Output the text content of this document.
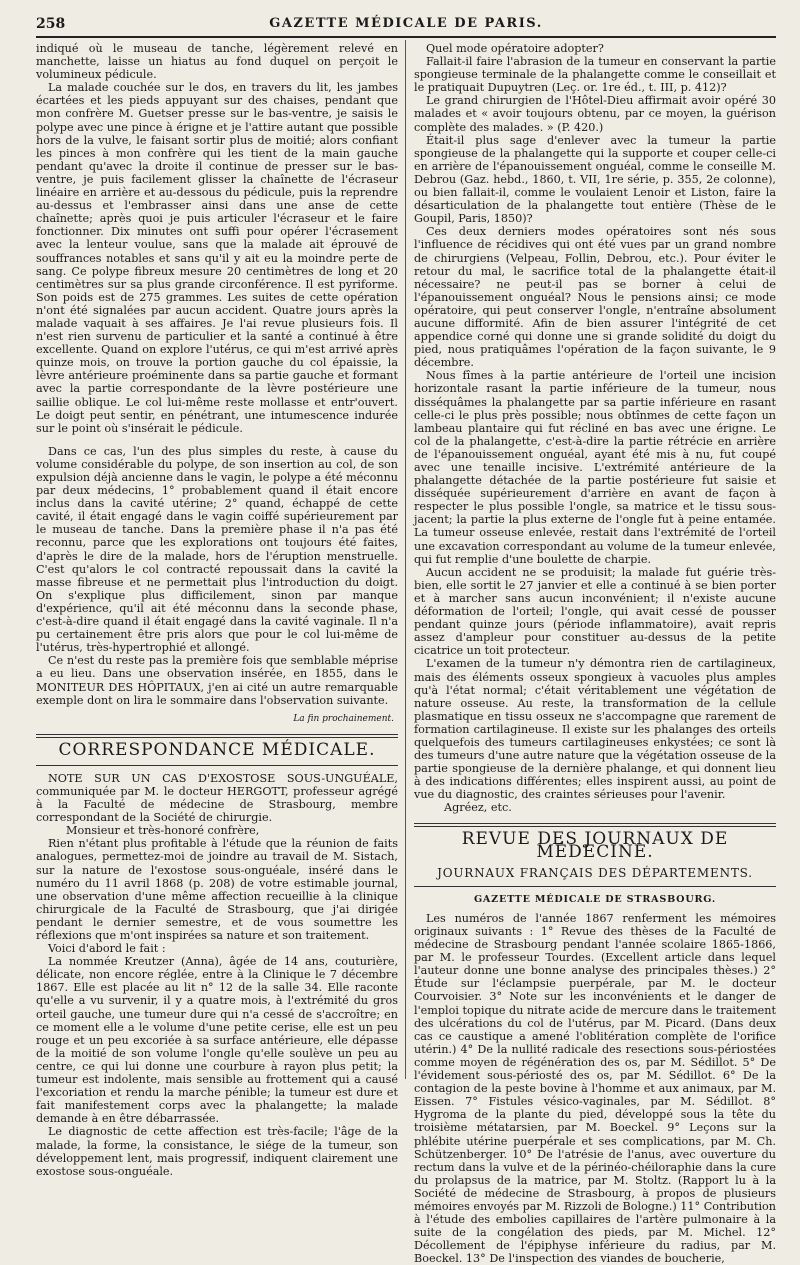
258	GAZETTE MÉDICALE DE PARIS.

indiqué où le museau de tanche, légèrement relevé en manchette, laisse un hiatus au fond duquel on perçoit le volumineux pédicule.

La malade couchée sur le dos, en travers du lit, les jambes écartées et les pieds appuyant sur des chaises, pendant que mon confrère M. Guetser presse sur le bas-ventre, je saisis le polype avec une pince à érigne et je l'attire autant que possible hors de la vulve, le faisant sortir plus de moitié; alors confiant les pinces à mon confrère qui les tient de la main gauche pendant qu'avec la droite il continue de presser sur le bas-ventre, je puis facilement glisser la chaînette de l'écraseur linéaire en arrière et au-dessous du pédicule, puis la reprendre au-dessus et l'embrasser ainsi dans une anse de cette chaînette; après quoi je puis articuler l'écraseur et le faire fonctionner. Dix minutes ont suffi pour opérer l'écrasement avec la lenteur voulue, sans que la malade ait éprouvé de souffrances notables et sans qu'il y ait eu la moindre perte de sang. Ce polype fibreux mesure 20 centimètres de long et 20 centimètres sur sa plus grande circonférence. Il est pyriforme. Son poids est de 275 grammes. Les suites de cette opération n'ont été signalées par aucun accident. Quatre jours après la malade vaquait à ses affaires. Je l'ai revue plusieurs fois. Il n'est rien survenu de particulier et la santé a continué à être excellente. Quand on explore l'utérus, ce qui m'est arrivé après quinze mois, on trouve la portion gauche du col épaissie, la lèvre antérieure proéminente dans sa partie gauche et formant avec la partie correspondante de la lèvre postérieure une saillie oblique. Le col lui-même reste mollasse et entr'ouvert. Le doigt peut sentir, en pénétrant, une intumescence indurée sur le point où s'insérait le pédicule.

Dans ce cas, l'un des plus simples du reste, à cause du volume considérable du polype, de son insertion au col, de son expulsion déjà ancienne dans le vagin, le polype a été méconnu par deux médecins, 1° probablement quand il était encore inclus dans la cavité utérine; 2° quand, échappé de cette cavité, il était engagé dans le vagin coiffé supérieurement par le museau de tanche. Dans la première phase il n'a pas été reconnu, parce que les explorations ont toujours été faites, d'après le dire de la malade, hors de l'éruption menstruelle. C'est qu'alors le col contracté repoussait dans la cavité la masse fibreuse et ne permettait plus l'introduction du doigt. On s'explique plus difficilement, sinon par manque d'expérience, qu'il ait été méconnu dans la seconde phase, c'est-à-dire quand il était engagé dans la cavité vaginale. Il n'a pu certainement être pris alors que pour le col lui-même de l'utérus, très-hypertrophié et allongé.

Ce n'est du reste pas la première fois que semblable méprise a eu lieu. Dans une observation insérée, en 1855, dans le MONITEUR DES HÔPITAUX, j'en ai cité un autre remarquable exemple dont on lira le sommaire dans l'observation suivante.

La fin prochainement.

CORRESPONDANCE MÉDICALE.

NOTE SUR UN CAS D'EXOSTOSE SOUS-UNGUÉALE, communiquée par M. le docteur HERGOTT, professeur agrégé à la Faculté de médecine de Strasbourg, membre correspondant de la Société de chirurgie.

Monsieur et très-honoré confrère,

Rien n'étant plus profitable à l'étude que la réunion de faits analogues, permettez-moi de joindre au travail de M. Sistach, sur la nature de l'exostose sous-onguéale, inséré dans le numéro du 11 avril 1868 (p. 208) de votre estimable journal, une observation d'une même affection recueillie à la clinique chirurgicale de la Faculté de Strasbourg, que j'ai dirigée pendant le dernier semestre, et de vous soumettre les réflexions que m'ont inspirées sa nature et son traitement.

Voici d'abord le fait :

La nommée Kreutzer (Anna), âgée de 14 ans, couturière, délicate, non encore réglée, entre à la Clinique le 7 décembre 1867. Elle est placée au lit n° 12 de la salle 34. Elle raconte qu'elle a vu survenir, il y a quatre mois, à l'extrémité du gros orteil gauche, une tumeur dure qui n'a cessé de s'accroître; en ce moment elle a le volume d'une petite cerise, elle est un peu rouge et un peu excoriée à sa surface antérieure, elle dépasse de la moitié de son volume l'ongle qu'elle soulève un peu au centre, ce qui lui donne une courbure à rayon plus petit; la tumeur est indolente, mais sensible au frottement qui a causé l'excoriation et rendu la marche pénible; la tumeur est dure et fait manifestement corps avec la phalangette; la malade demande à en être débarrassée.

Le diagnostic de cette affection est très-facile; l'âge de la malade, la forme, la consistance, le siége de la tumeur, son développement lent, mais progressif, indiquent clairement une exostose sous-onguéale.

Quel mode opératoire adopter?

Fallait-il faire l'abrasion de la tumeur en conservant la partie spongieuse terminale de la phalangette comme le conseillait et le pratiquait Dupuytren (Leç. or. 1re éd., t. III, p. 412)?

Le grand chirurgien de l'Hôtel-Dieu affirmait avoir opéré 30 malades et « avoir toujours obtenu, par ce moyen, la guérison complète des malades. » (P. 420.)

Était-il plus sage d'enlever avec la tumeur la partie spongieuse de la phalangette qui la supporte et couper celle-ci en arrière de l'épanouissement onguéal, comme le conseille M. Debrou (Gaz. hebd., 1860, t. VII, 1re série, p. 355, 2e colonne), ou bien fallait-il, comme le voulaient Lenoir et Liston, faire la désarticulation de la phalangette tout entière (Thèse de le Goupil, Paris, 1850)?

Ces deux derniers modes opératoires sont nés sous l'influence de récidives qui ont été vues par un grand nombre de chirurgiens (Velpeau, Follin, Debrou, etc.). Pour éviter le retour du mal, le sacrifice total de la phalangette était-il nécessaire? ne peut-il pas se borner à celui de l'épanouissement onguéal? Nous le pensions ainsi; ce mode opératoire, qui peut conserver l'ongle, n'entraîne absolument aucune difformité. Afin de bien assurer l'intégrité de cet appendice corné qui donne une si grande solidité du doigt du pied, nous pratiquâmes l'opération de la façon suivante, le 9 décembre.

Nous fîmes à la partie antérieure de l'orteil une incision horizontale rasant la partie inférieure de la tumeur, nous disséquâmes la phalangette par sa partie inférieure en rasant celle-ci le plus près possible; nous obtînmes de cette façon un lambeau plantaire qui fut récliné en bas avec une érigne. Le col de la phalangette, c'est-à-dire la partie rétrécie en arrière de l'épanouissement onguéal, ayant été mis à nu, fut coupé avec une tenaille incisive. L'extrémité antérieure de la phalangette détachée de la partie postérieure fut saisie et disséquée supérieurement d'arrière en avant de façon à respecter le plus possible l'ongle, sa matrice et le tissu sous-jacent; la partie la plus externe de l'ongle fut à peine entamée. La tumeur osseuse enlevée, restait dans l'extrémité de l'orteil une excavation correspondant au volume de la tumeur enlevée, qui fut remplie d'une boulette de charpie.

Aucun accident ne se produisit; la malade fut guérie très-bien, elle sortit le 27 janvier et elle a continué à se bien porter et à marcher sans aucun inconvénient; il n'existe aucune déformation de l'orteil; l'ongle, qui avait cessé de pousser pendant quinze jours (période inflammatoire), avait repris assez d'ampleur pour constituer au-dessus de la petite cicatrice un toit protecteur.

L'examen de la tumeur n'y démontra rien de cartilagineux, mais des éléments osseux spongieux à vacuoles plus amples qu'à l'état normal; c'était véritablement une végétation de nature osseuse. Au reste, la transformation de la cellule plasmatique en tissu osseux ne s'accompagne que rarement de formation cartilagineuse. Il existe sur les phalanges des orteils quelquefois des tumeurs cartilagineuses enkystées; ce sont là des tumeurs d'une autre nature que la végétation osseuse de la partie spongieuse de la dernière phalange, et qui donnent lieu à des indications différentes; elles inspirent aussi, au point de vue du diagnostic, des craintes sérieuses pour l'avenir.

Agréez, etc.

REVUE DES JOURNAUX DE MÉDECINE.

JOURNAUX FRANÇAIS DES DÉPARTEMENTS.

GAZETTE MÉDICALE DE STRASBOURG.

Les numéros de l'année 1867 renferment les mémoires originaux suivants : 1° Revue des thèses de la Faculté de médecine de Strasbourg pendant l'année scolaire 1865-1866, par M. le professeur Tourdes. (Excellent article dans lequel l'auteur donne une bonne analyse des principales thèses.) 2° Étude sur l'éclampsie puerpérale, par M. le docteur Courvoisier. 3° Note sur les inconvénients et le danger de l'emploi topique du nitrate acide de mercure dans le traitement des ulcérations du col de l'utérus, par M. Picard. (Dans deux cas ce caustique a amené l'oblitération complète de l'orifice utérin.) 4° De la nullité radicale des resections sous-périostées comme moyen de régénération des os, par M. Sédillot. 5° De l'évidement sous-périosté des os, par M. Sédillot. 6° De la contagion de la peste bovine à l'homme et aux animaux, par M. Eissen. 7° Fistules vésico-vaginales, par M. Sédillot. 8° Hygroma de la plante du pied, développé sous la tête du troisième métatarsien, par M. Boeckel. 9° Leçons sur la phlébite utérine puerpérale et ses complications, par M. Ch. Schützenberger. 10° De l'atrésie de l'anus, avec ouverture du rectum dans la vulve et de la périnéo-chéiloraphie dans la cure du prolapsus de la matrice, par M. Stoltz. (Rapport lu à la Société de médecine de Strasbourg, à propos de plusieurs mémoires envoyés par M. Rizzoli de Bologne.) 11° Contribution à l'étude des embolies capillaires de l'artère pulmonaire à la suite de la congélation des pieds, par M. Michel. 12° Décollement de l'épiphyse inférieure du radius, par M. Boeckel. 13° De l'inspection des viandes de boucherie,
